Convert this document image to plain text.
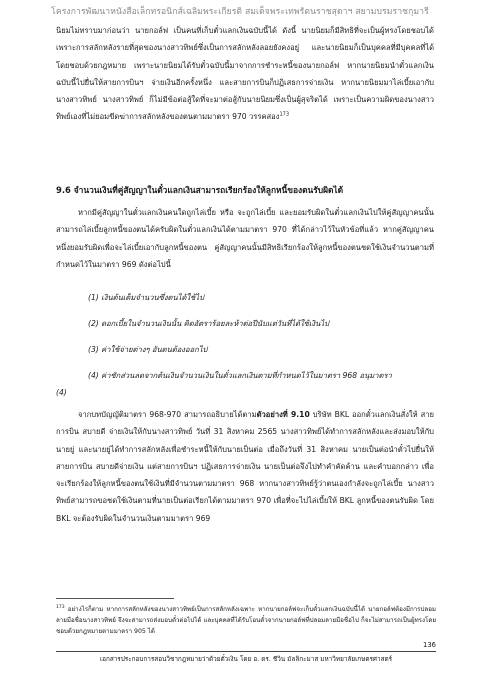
โครงการพัฒนาหนังสือเล็กทรอนิกส์เฉลิมพระเกียรติ สมเด็จพระเทพรัตนราชสุดาฯ สยามบรมราชกุมารี

นิยมไม่ทราบมาก่อนว่า นายกอล์ฟ เป็นคนที่เก็บตั๋วแลกเงินฉบับนี้ได้ ดังนี้ นายนิยมก็มีสิทธิที่จะเป็นผู้ทรงโดยชอบได้ เพราะการสลักหลังรายที่สุดของนางสาวทิพย์ซึ่งเป็นการสลักหลังลอยยังคงอยู่ และนายนิยมก็เป็นบุคคลที่มีบุคคลที่ได้โดยชอบด้วยกฎหมาย เพราะนายนิยมได้รับตั๋วฉบับนี้มาจากการชำระหนี้ของนายกอล์ฟ หากนายนิยมนำตั๋วแลกเงินฉบับนี้ไปยื่นให้สายการบินฯ จ่ายเงินอีกครั้งหนึ่ง และสายการบินก็ปฏิเสธการจ่ายเงิน หากนายนิยมมาไล่เบี้ยเอากับนางสาวทิพย์ นางสาวทิพย์ ก็ไม่มีข้อต่อสู้ใดที่จะมาต่อสู้กับนายนิยมซึ่งเป็นผู้สุจริตได้ เพราะเป็นความผิดของนางสาวทิพย์เองที่ไม่ยอมขีดฆ่าการสลักหลังของตนตามมาตรา 970 วรรคสอง$^{173}$

9.6 จำนวนเงินที่คู่สัญญาในตั๋วแลกเงินสามารถเรียกร้องให้ลูกหนี้ของตนรับผิดได้

หากมีคู่สัญญาในตั๋วแลกเงินคนใดถูกไล่เบี้ย หรือ จะถูกไล่เบี้ย และยอมรับผิดในตั๋วแลกเงินไปให้คู่สัญญาคนนั้นสามารถไล่เบี้ยลูกหนี้ของตนได้ครับผิดในตั๋วแลกเงินได้ตามมาตรา 970 ที่ได้กล่าวไว้ในหัวข้อที่แล้ว หากคู่สัญญาคนหนึ่งยอมรับผิดเพื่อจะไล่เบี้ยเอากับลูกหนี้ของตน คู่สัญญาคนนั้นมีสิทธิเรียกร้องให้ลูกหนี้ของตนชดใช้เงินจำนวนตามที่กำหนดไว้ในมาตรา 969 ดังต่อไปนี้

(1) เงินต้นเต็มจำนวนซึ่งตนได้ใช้ไป

(2) ดอกเบี้ยในจำนวนเงินนั้น คิดอัตราร้อยละห้าต่อปีนับแต่วันที่ได้ใช้เงินไป

(3) ค่าใช้จ่ายต่างๆ อันตนต้องออกไป

(4) ค่าชักส่วนลดจากต้นเงินจำนวนเงินในตั๋วแลกเงินตามที่กำหนดไว้ในมาตรา 968 อนุมาตรา

(4)

จากบทบัญญัติมาตรา 968-970 สามารถอธิบายได้ตามตัวอย่างที่ 9.10 บริษัท BKL ออกตั๋วแลกเงินสั่งให้ สายการบิน สบายดี จ่ายเงินให้กับนางสาวทิพย์ วันที่ 31 สิงหาคม 2565 นางสาวทิพย์ได้ทำการสลักหลังและส่งมอบให้กับนายยู่ และนายยู่ได้ทำการสลักหลังเพื่อชำระหนี้ให้กับนายเป็นต่อ เมื่อถึงวันที่ 31 สิงหาคม นายเป็นต่อนำตั๋วไปยื่นให้สายการบิน สบายดีจ่ายเงิน แต่สายการบินฯ ปฏิเสธการจ่ายเงิน นายเป็นต่อจึงไปทำคำคัดค้าน และคำบอกกล่าว เพื่อจะเรียกร้องให้ลูกหนี้ของตนใช้เงินที่มีจำนวนตามมาตรา 968 หากนางสาวทิพย์รู้ว่าตนเองกำลังจะถูกไล่เบี้ย นางสาวทิพย์สามารถขอชดใช้เงินตามที่นายเป็นต่อเรียกได้ตามมาตรา 970 เพื่อที่จะไปไล่เบี้ยให้ BKL ลูกหนี้ของตนรับผิด โดย BKL จะต้องรับผิดในจำนวนเงินตามมาตรา 969

$^{173}$ อย่างไรก็ตาม หากการสลักหลังของนางสาวทิพย์เป็นการสลักหลังเฉพาะ หากนายกอล์ฟจะเก็บตั๋วแลกเงินฉบับนี้ได้ นายกอล์ฟต้องมีการปลอมลายมือชื่อนางสาวทิพย์ จึงจะสามารถส่งมอบตั๋วต่อไปได้ และบุคคลที่ได้รับโอนตั๋วจากนายกอล์ฟที่ปลอมลายมือชื่อไป ก็จะไม่สามารถเป็นผู้ทรงโดยชอบด้วยกฎหมายตามมาตรา 905 ได้

136
เอกสารประกอบการสอนวิชากฎหมายว่าด้วยตั๋วเงิน โดย อ. ดร. ชีวิน มัลลิกะมาส มหาวิทยาลัยเกษตรศาสตร์
